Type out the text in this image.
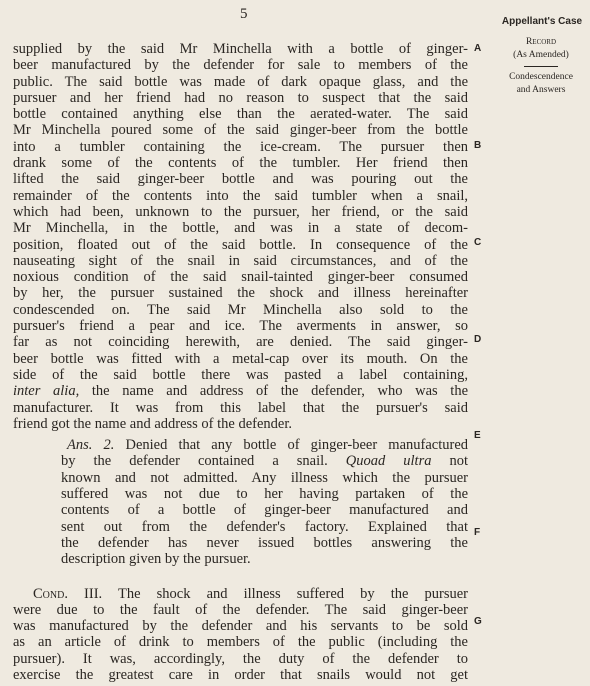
5	Appellant's Case
Record
(As Amended)
Condescendence
and Answers
A
B
C
D
E
F
G
supplied by the said Mr Minchella with a bottle of ginger-
beer manufactured by the defender for sale to members of the
public. The said bottle was made of dark opaque glass, and the
pursuer and her friend had no reason to suspect that the said
bottle contained anything else than the aerated-water. The said
Mr Minchella poured some of the said ginger-beer from the bottle
into a tumbler containing the ice-cream. The pursuer then
drank some of the contents of the tumbler. Her friend then
lifted the said ginger-beer bottle and was pouring out the
remainder of the contents into the said tumbler when a snail,
which had been, unknown to the pursuer, her friend, or the said
Mr Minchella, in the bottle, and was in a state of decom-
position, floated out of the said bottle. In consequence of the
nauseating sight of the snail in said circumstances, and of the
noxious condition of the said snail-tainted ginger-beer consumed
by her, the pursuer sustained the shock and illness hereinafter
condescended on. The said Mr Minchella also sold to the
pursuer's friend a pear and ice. The averments in answer, so
far as not coinciding herewith, are denied. The said ginger-
beer bottle was fitted with a metal-cap over its mouth. On the
side of the said bottle there was pasted a label containing,
inter alia, the name and address of the defender, who was the
manufacturer. It was from this label that the pursuer's said
friend got the name and address of the defender.
Ans. 2. Denied that any bottle of ginger-beer manufactured
by the defender contained a snail. Quoad ultra not
known and not admitted. Any illness which the pursuer
suffered was not due to her having partaken of the
contents of a bottle of ginger-beer manufactured and
sent out from the defender's factory. Explained that
the defender has never issued bottles answering the
description given by the pursuer.
Cond. III. The shock and illness suffered by the pursuer
were due to the fault of the defender. The said ginger-beer
was manufactured by the defender and his servants to be sold
as an article of drink to members of the public (including the
pursuer). It was, accordingly, the duty of the defender to
exercise the greatest care in order that snails would not get
